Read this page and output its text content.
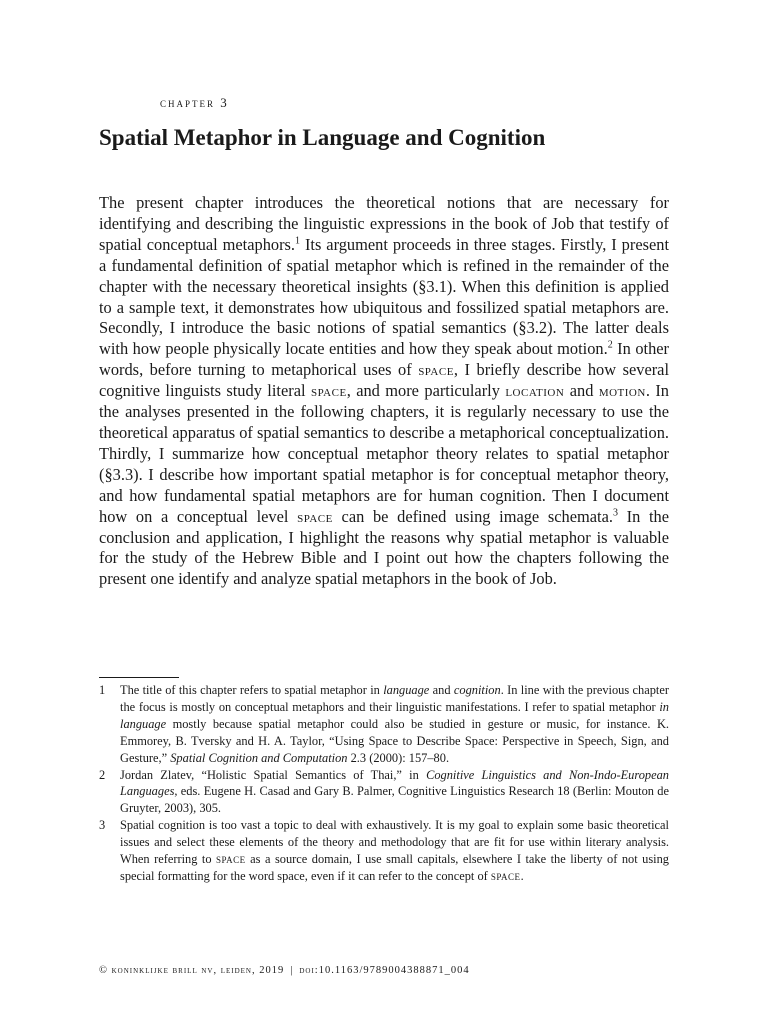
chapter 3
Spatial Metaphor in Language and Cognition

The present chapter introduces the theoretical notions that are necessary for identifying and describing the linguistic expressions in the book of Job that testify of spatial conceptual metaphors.$^1$ Its argument proceeds in three stages. Firstly, I present a fundamental definition of spatial metaphor which is refined in the remainder of the chapter with the necessary theoretical insights (§3.1). When this definition is applied to a sample text, it demonstrates how ubiquitous and fossilized spatial metaphors are. Secondly, I introduce the basic notions of spatial semantics (§3.2). The latter deals with how people physically locate entities and how they speak about motion.$^2$ In other words, before turning to metaphorical uses of space, I briefly describe how several cognitive linguists study literal space, and more particularly location and motion. In the analyses presented in the following chapters, it is regularly necessary to use the theoretical apparatus of spatial semantics to describe a metaphorical conceptualization. Thirdly, I summarize how conceptual metaphor theory relates to spatial metaphor (§3.3). I describe how important spatial metaphor is for conceptual metaphor theory, and how fundamental spatial metaphors are for human cognition. Then I document how on a conceptual level space can be defined using image schemata.$^3$ In the conclusion and application, I highlight the reasons why spatial metaphor is valuable for the study of the Hebrew Bible and I point out how the chapters following the present one identify and analyze spatial metaphors in the book of Job.

1 The title of this chapter refers to spatial metaphor in language and cognition. In line with the previous chapter the focus is mostly on conceptual metaphors and their linguistic manifestations. I refer to spatial metaphor in language mostly because spatial metaphor could also be studied in gesture or music, for instance. K. Emmorey, B. Tversky and H. A. Taylor, “Using Space to Describe Space: Perspective in Speech, Sign, and Gesture,” Spatial Cognition and Computation 2.3 (2000): 157–80.
2 Jordan Zlatev, “Holistic Spatial Semantics of Thai,” in Cognitive Linguistics and Non-Indo-European Languages, eds. Eugene H. Casad and Gary B. Palmer, Cognitive Linguistics Research 18 (Berlin: Mouton de Gruyter, 2003), 305.
3 Spatial cognition is too vast a topic to deal with exhaustively. It is my goal to explain some basic theoretical issues and select these elements of the theory and methodology that are fit for use within literary analysis. When referring to space as a source domain, I use small capitals, elsewhere I take the liberty of not using special formatting for the word space, even if it can refer to the concept of space.
© koninklijke brill nv, leiden, 2019 | doi:10.1163/9789004388871_004
